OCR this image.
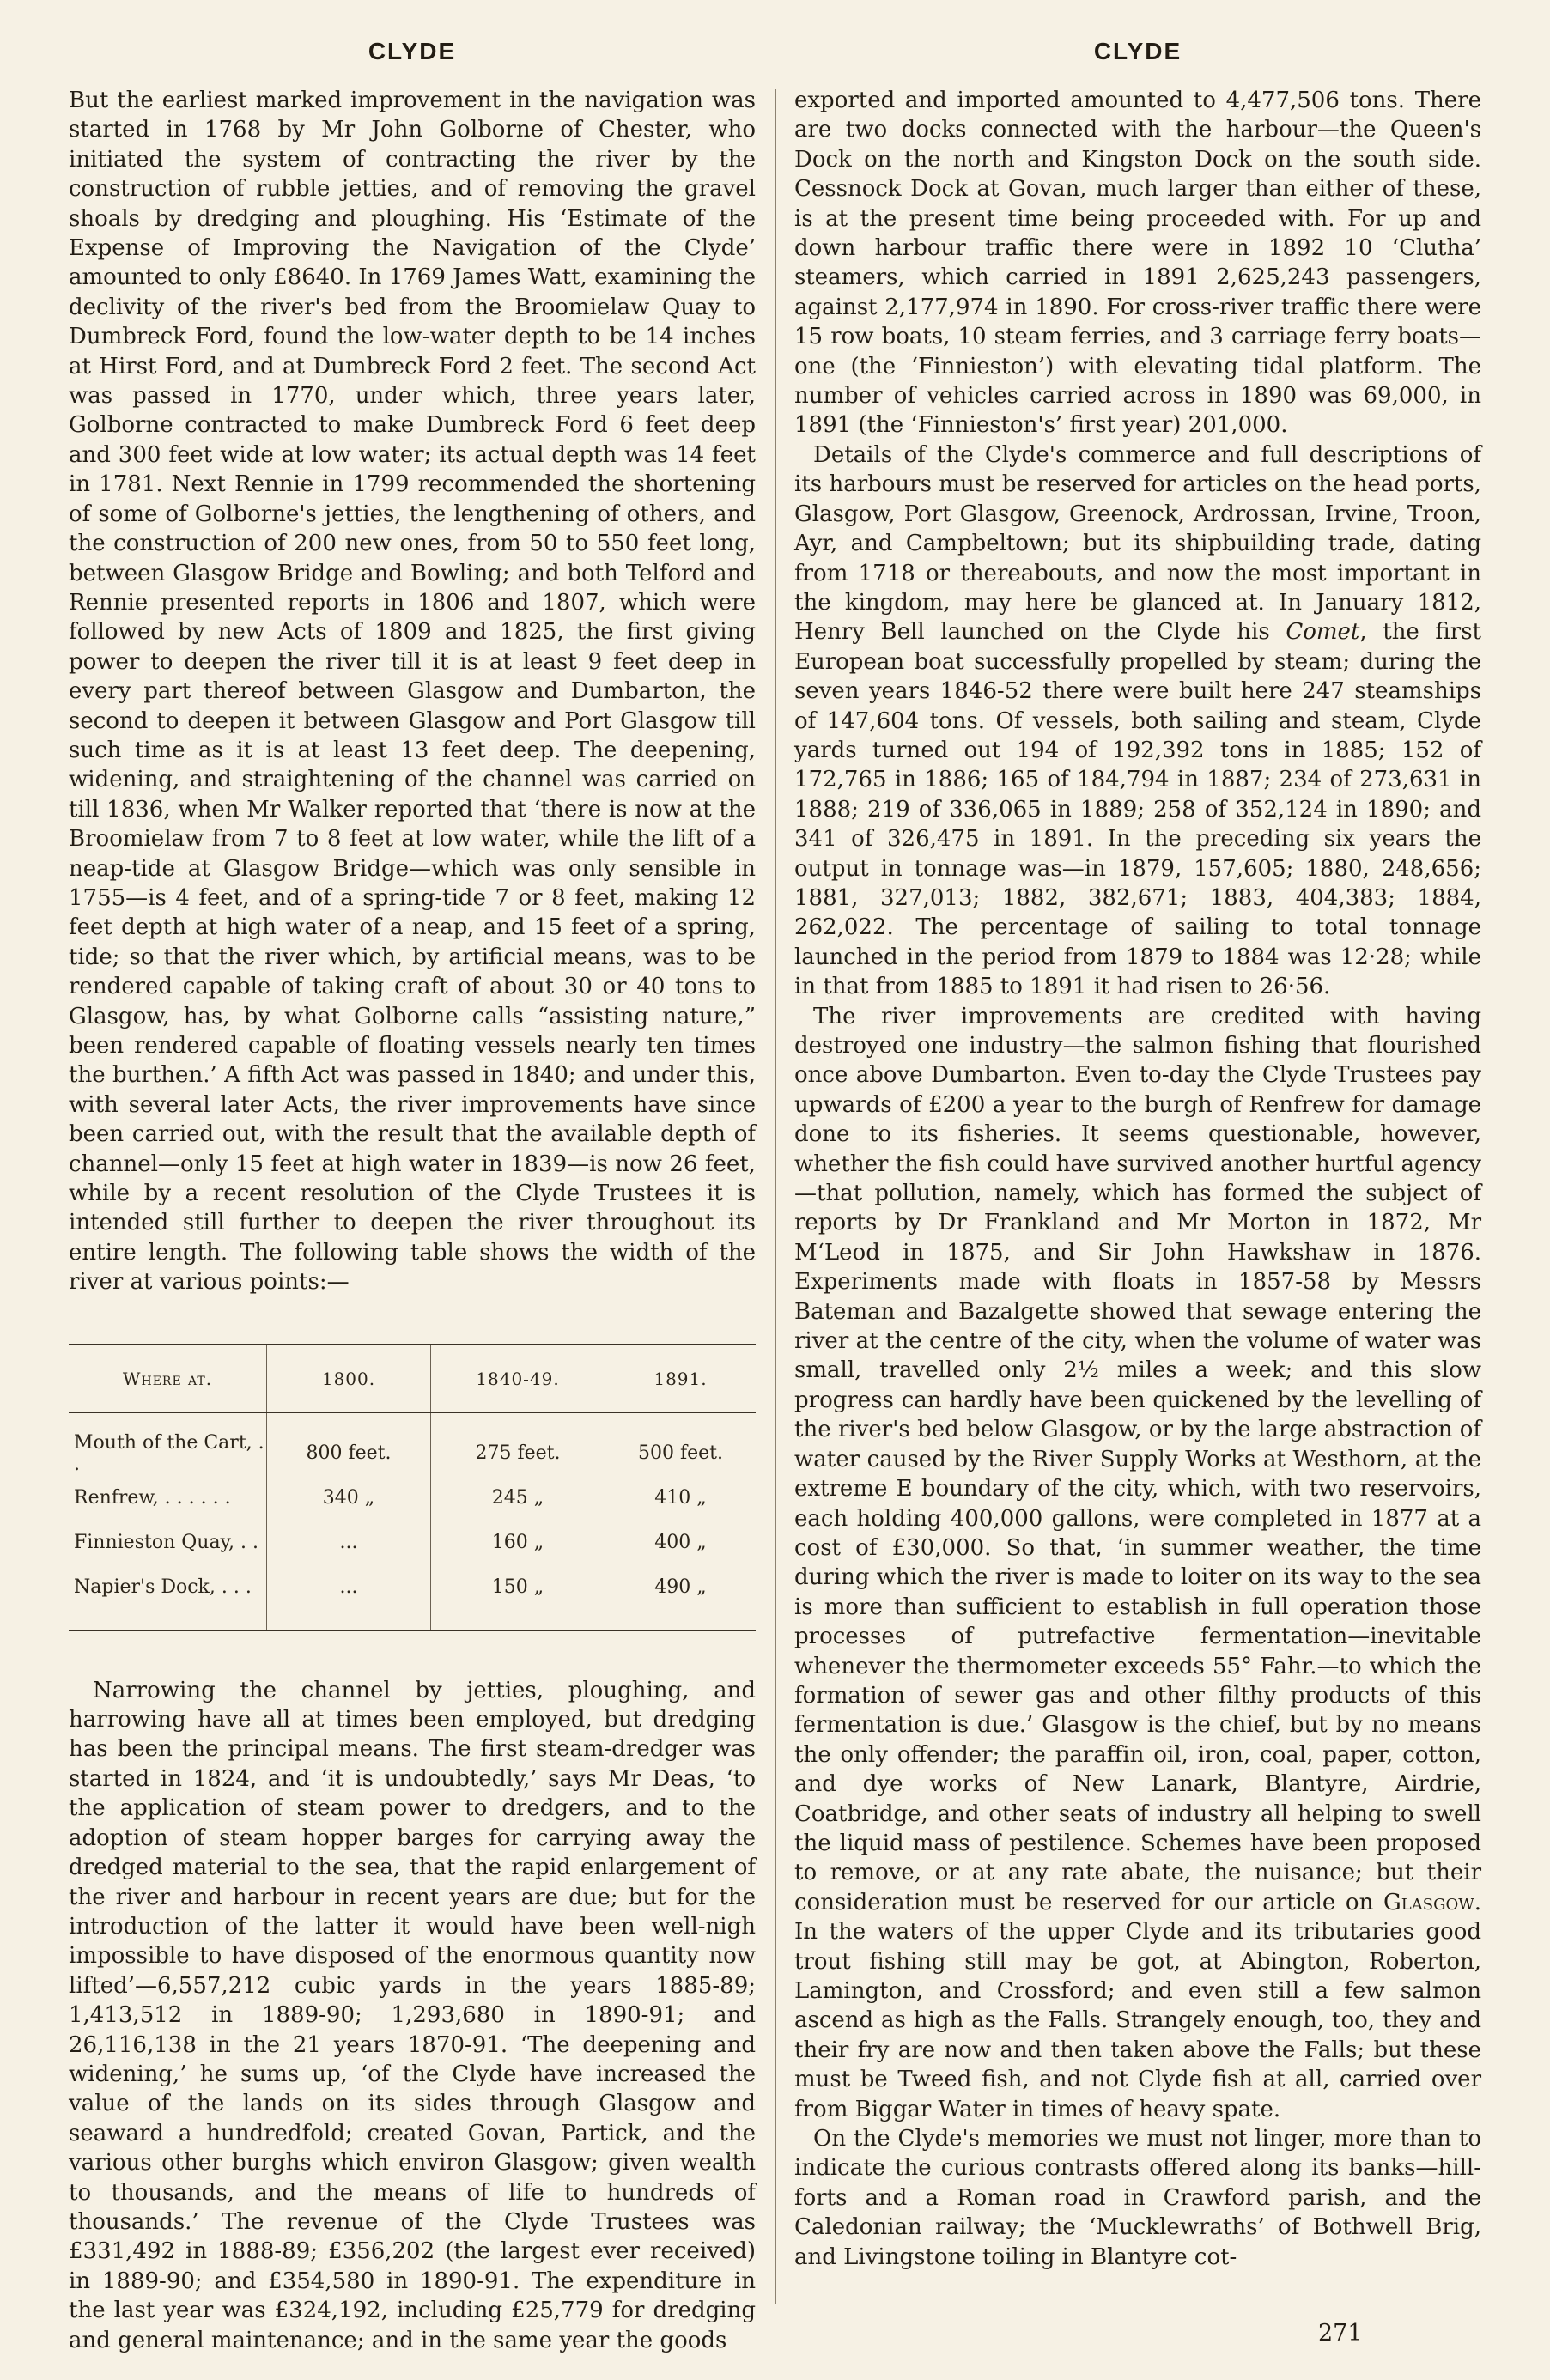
CLYDE	CLYDE

But the earliest marked improvement in the navigation was started in 1768 by Mr John Golborne of Chester, who initiated the system of contracting the river by the construction of rubble jetties, and of removing the gravel shoals by dredging and ploughing. His ‘Estimate of the Expense of Improving the Navigation of the Clyde’ amounted to only £8640. In 1769 James Watt, examining the declivity of the river's bed from the Broomielaw Quay to Dumbreck Ford, found the low-water depth to be 14 inches at Hirst Ford, and at Dumbreck Ford 2 feet. The second Act was passed in 1770, under which, three years later, Golborne contracted to make Dumbreck Ford 6 feet deep and 300 feet wide at low water; its actual depth was 14 feet in 1781. Next Rennie in 1799 recommended the shortening of some of Golborne's jetties, the lengthening of others, and the construction of 200 new ones, from 50 to 550 feet long, between Glasgow Bridge and Bowling; and both Telford and Rennie presented reports in 1806 and 1807, which were followed by new Acts of 1809 and 1825, the first giving power to deepen the river till it is at least 9 feet deep in every part thereof between Glasgow and Dumbarton, the second to deepen it between Glasgow and Port Glasgow till such time as it is at least 13 feet deep. The deepening, widening, and straightening of the channel was carried on till 1836, when Mr Walker reported that ‘there is now at the Broomielaw from 7 to 8 feet at low water, while the lift of a neap-tide at Glasgow Bridge—which was only sensible in 1755—is 4 feet, and of a spring-tide 7 or 8 feet, making 12 feet depth at high water of a neap, and 15 feet of a spring, tide; so that the river which, by artificial means, was to be rendered capable of taking craft of about 30 or 40 tons to Glasgow, has, by what Golborne calls “assisting nature,” been rendered capable of floating vessels nearly ten times the burthen.’ A fifth Act was passed in 1840; and under this, with several later Acts, the river improvements have since been carried out, with the result that the available depth of channel—only 15 feet at high water in 1839—is now 26 feet, while by a recent resolution of the Clyde Trustees it is intended still further to deepen the river throughout its entire length. The following table shows the width of the river at various points:—

Where at.	1800.	1840-49.	1891.
Mouth of the Cart, . .	800 feet.	275 feet.	500 feet.
Renfrew, . . . . . .	340 „	245 „	410 „
Finnieston Quay, . .	...	160 „	400 „
Napier's Dock, . . .	...	150 „	490 „

Narrowing the channel by jetties, ploughing, and harrowing have all at times been employed, but dredging has been the principal means. The first steam-dredger was started in 1824, and ‘it is undoubtedly,’ says Mr Deas, ‘to the application of steam power to dredgers, and to the adoption of steam hopper barges for carrying away the dredged material to the sea, that the rapid enlargement of the river and harbour in recent years are due; but for the introduction of the latter it would have been well-nigh impossible to have disposed of the enormous quantity now lifted’—6,557,212 cubic yards in the years 1885-89; 1,413,512 in 1889-90; 1,293,680 in 1890-91; and 26,116,138 in the 21 years 1870-91. ‘The deepening and widening,’ he sums up, ‘of the Clyde have increased the value of the lands on its sides through Glasgow and seaward a hundredfold; created Govan, Partick, and the various other burghs which environ Glasgow; given wealth to thousands, and the means of life to hundreds of thousands.’ The revenue of the Clyde Trustees was £331,492 in 1888-89; £356,202 (the largest ever received) in 1889-90; and £354,580 in 1890-91. The expenditure in the last year was £324,192, including £25,779 for dredging and general maintenance; and in the same year the goods

exported and imported amounted to 4,477,506 tons. There are two docks connected with the harbour—the Queen's Dock on the north and Kingston Dock on the south side. Cessnock Dock at Govan, much larger than either of these, is at the present time being proceeded with. For up and down harbour traffic there were in 1892 10 ‘Clutha’ steamers, which carried in 1891 2,625,243 passengers, against 2,177,974 in 1890. For cross-river traffic there were 15 row boats, 10 steam ferries, and 3 carriage ferry boats—one (the ‘Finnieston’) with elevating tidal platform. The number of vehicles carried across in 1890 was 69,000, in 1891 (the ‘Finnieston's’ first year) 201,000.

Details of the Clyde's commerce and full descriptions of its harbours must be reserved for articles on the head ports, Glasgow, Port Glasgow, Greenock, Ardrossan, Irvine, Troon, Ayr, and Campbeltown; but its shipbuilding trade, dating from 1718 or thereabouts, and now the most important in the kingdom, may here be glanced at. In January 1812, Henry Bell launched on the Clyde his Comet, the first European boat successfully propelled by steam; during the seven years 1846-52 there were built here 247 steamships of 147,604 tons. Of vessels, both sailing and steam, Clyde yards turned out 194 of 192,392 tons in 1885; 152 of 172,765 in 1886; 165 of 184,794 in 1887; 234 of 273,631 in 1888; 219 of 336,065 in 1889; 258 of 352,124 in 1890; and 341 of 326,475 in 1891. In the preceding six years the output in tonnage was—in 1879, 157,605; 1880, 248,656; 1881, 327,013; 1882, 382,671; 1883, 404,383; 1884, 262,022. The percentage of sailing to total tonnage launched in the period from 1879 to 1884 was 12·28; while in that from 1885 to 1891 it had risen to 26·56.

The river improvements are credited with having destroyed one industry—the salmon fishing that flourished once above Dumbarton. Even to-day the Clyde Trustees pay upwards of £200 a year to the burgh of Renfrew for damage done to its fisheries. It seems questionable, however, whether the fish could have survived another hurtful agency—that pollution, namely, which has formed the subject of reports by Dr Frankland and Mr Morton in 1872, Mr M‘Leod in 1875, and Sir John Hawkshaw in 1876. Experiments made with floats in 1857-58 by Messrs Bateman and Bazalgette showed that sewage entering the river at the centre of the city, when the volume of water was small, travelled only 2½ miles a week; and this slow progress can hardly have been quickened by the levelling of the river's bed below Glasgow, or by the large abstraction of water caused by the River Supply Works at Westhorn, at the extreme E boundary of the city, which, with two reservoirs, each holding 400,000 gallons, were completed in 1877 at a cost of £30,000. So that, ‘in summer weather, the time during which the river is made to loiter on its way to the sea is more than sufficient to establish in full operation those processes of putrefactive fermentation—inevitable whenever the thermometer exceeds 55° Fahr.—to which the formation of sewer gas and other filthy products of this fermentation is due.’ Glasgow is the chief, but by no means the only offender; the paraffin oil, iron, coal, paper, cotton, and dye works of New Lanark, Blantyre, Airdrie, Coatbridge, and other seats of industry all helping to swell the liquid mass of pestilence. Schemes have been proposed to remove, or at any rate abate, the nuisance; but their consideration must be reserved for our article on Glasgow. In the waters of the upper Clyde and its tributaries good trout fishing still may be got, at Abington, Roberton, Lamington, and Crossford; and even still a few salmon ascend as high as the Falls. Strangely enough, too, they and their fry are now and then taken above the Falls; but these must be Tweed fish, and not Clyde fish at all, carried over from Biggar Water in times of heavy spate.

On the Clyde's memories we must not linger, more than to indicate the curious contrasts offered along its banks—hill-forts and a Roman road in Crawford parish, and the Caledonian railway; the ‘Mucklewraths’ of Bothwell Brig, and Livingstone toiling in Blantyre cot-

271
